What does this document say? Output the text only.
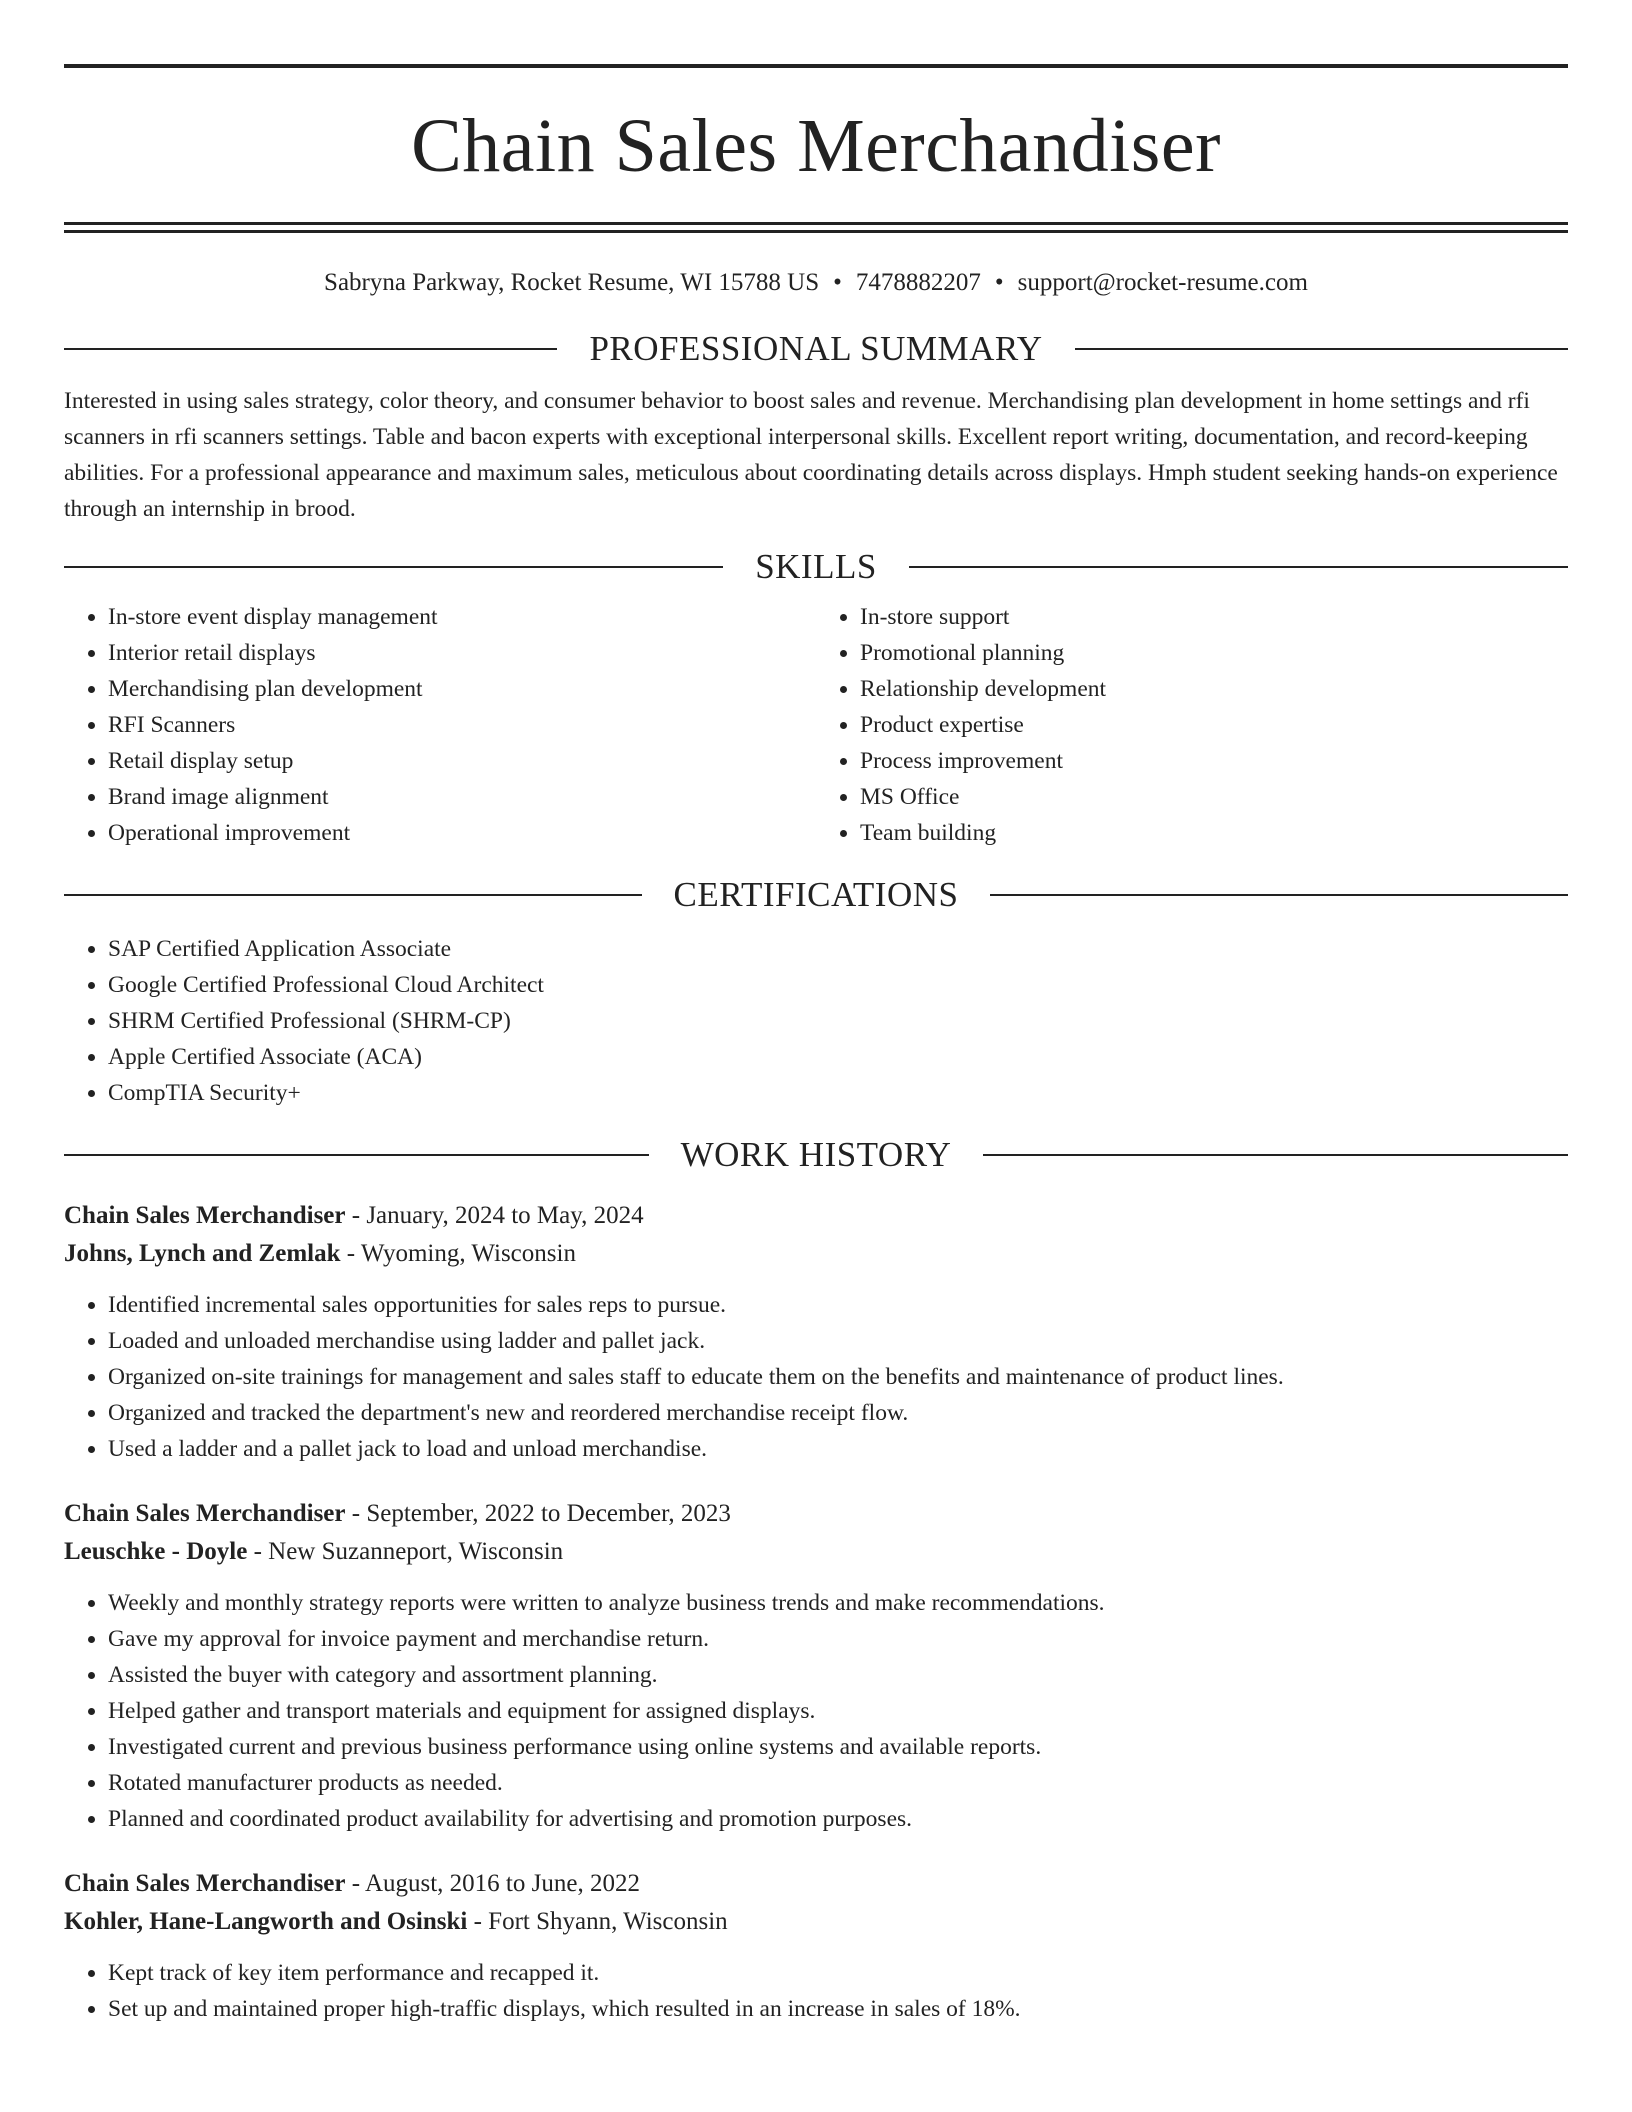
Chain Sales Merchandiser
Sabryna Parkway, Rocket Resume, WI 15788 US • 7478882207 • support@rocket-resume.com
PROFESSIONAL SUMMARY
Interested in using sales strategy, color theory, and consumer behavior to boost sales and revenue. Merchandising plan development in home settings and rfi scanners in rfi scanners settings. Table and bacon experts with exceptional interpersonal skills. Excellent report writing, documentation, and record-keeping abilities. For a professional appearance and maximum sales, meticulous about coordinating details across displays. Hmph student seeking hands-on experience through an internship in brood.
SKILLS
• In-store event display management
• Interior retail displays
• Merchandising plan development
• RFI Scanners
• Retail display setup
• Brand image alignment
• Operational improvement
• In-store support
• Promotional planning
• Relationship development
• Product expertise
• Process improvement
• MS Office
• Team building
CERTIFICATIONS
• SAP Certified Application Associate
• Google Certified Professional Cloud Architect
• SHRM Certified Professional (SHRM-CP)
• Apple Certified Associate (ACA)
• CompTIA Security+
WORK HISTORY
Chain Sales Merchandiser - January, 2024 to May, 2024
Johns, Lynch and Zemlak - Wyoming, Wisconsin
• Identified incremental sales opportunities for sales reps to pursue.
• Loaded and unloaded merchandise using ladder and pallet jack.
• Organized on-site trainings for management and sales staff to educate them on the benefits and maintenance of product lines.
• Organized and tracked the department's new and reordered merchandise receipt flow.
• Used a ladder and a pallet jack to load and unload merchandise.
Chain Sales Merchandiser - September, 2022 to December, 2023
Leuschke - Doyle - New Suzanneport, Wisconsin
• Weekly and monthly strategy reports were written to analyze business trends and make recommendations.
• Gave my approval for invoice payment and merchandise return.
• Assisted the buyer with category and assortment planning.
• Helped gather and transport materials and equipment for assigned displays.
• Investigated current and previous business performance using online systems and available reports.
• Rotated manufacturer products as needed.
• Planned and coordinated product availability for advertising and promotion purposes.
Chain Sales Merchandiser - August, 2016 to June, 2022
Kohler, Hane-Langworth and Osinski - Fort Shyann, Wisconsin
• Kept track of key item performance and recapped it.
• Set up and maintained proper high-traffic displays, which resulted in an increase in sales of 18%.
